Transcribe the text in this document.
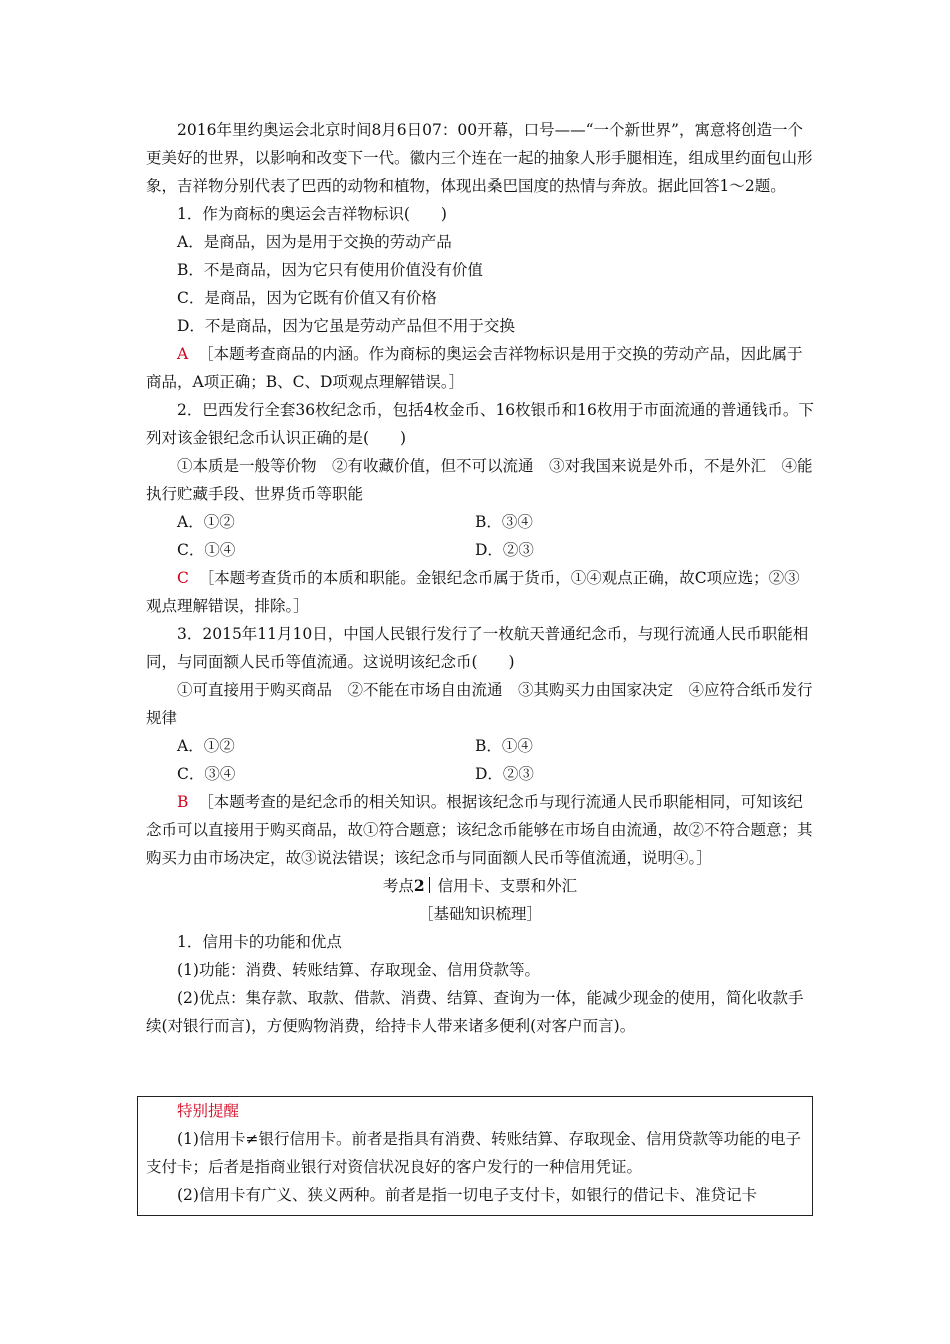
2016年里约奥运会北京时间8月6日07：00开幕，口号——“一个新世界”，寓意将创造一个更美好的世界，以影响和改变下一代。徽内三个连在一起的抽象人形手腿相连，组成里约面包山形象，吉祥物分别代表了巴西的动物和植物，体现出桑巴国度的热情与奔放。据此回答1～2题。

1．作为商标的奥运会吉祥物标识(　　)

A．是商品，因为是用于交换的劳动产品

B．不是商品，因为它只有使用价值没有价值

C．是商品，因为它既有价值又有价格

D．不是商品，因为它虽是劳动产品但不用于交换

A ［本题考查商品的内涵。作为商标的奥运会吉祥物标识是用于交换的劳动产品，因此属于商品，A项正确；B、C、D项观点理解错误。］

2．巴西发行全套36枚纪念币，包括4枚金币、16枚银币和16枚用于市面流通的普通钱币。下列对该金银纪念币认识正确的是(　　)

①本质是一般等价物　②有收藏价值，但不可以流通　③对我国来说是外币，不是外汇　④能执行贮藏手段、世界货币等职能

A．①②	B．③④
C．①④	D．②③

C ［本题考查货币的本质和职能。金银纪念币属于货币，①④观点正确，故C项应选；②③观点理解错误，排除。］

3．2015年11月10日，中国人民银行发行了一枚航天普通纪念币，与现行流通人民币职能相同，与同面额人民币等值流通。这说明该纪念币(　　)

①可直接用于购买商品　②不能在市场自由流通　③其购买力由国家决定　④应符合纸币发行规律

A．①②	B．①④
C．③④	D．②③

B ［本题考查的是纪念币的相关知识。根据该纪念币与现行流通人民币职能相同，可知该纪念币可以直接用于购买商品，故①符合题意；该纪念币能够在市场自由流通，故②不符合题意；其购买力由市场决定，故③说法错误；该纪念币与同面额人民币等值流通，说明④。］

考点2 信用卡、支票和外汇

［基础知识梳理］

1．信用卡的功能和优点

(1)功能：消费、转账结算、存取现金、信用贷款等。

(2)优点：集存款、取款、借款、消费、结算、查询为一体，能减少现金的使用，简化收款手续(对银行而言)，方便购物消费，给持卡人带来诸多便利(对客户而言)。

特别提醒

(1)信用卡≠银行信用卡。前者是指具有消费、转账结算、存取现金、信用贷款等功能的电子支付卡；后者是指商业银行对资信状况良好的客户发行的一种信用凭证。

(2)信用卡有广义、狭义两种。前者是指一切电子支付卡，如银行的借记卡、准贷记卡
